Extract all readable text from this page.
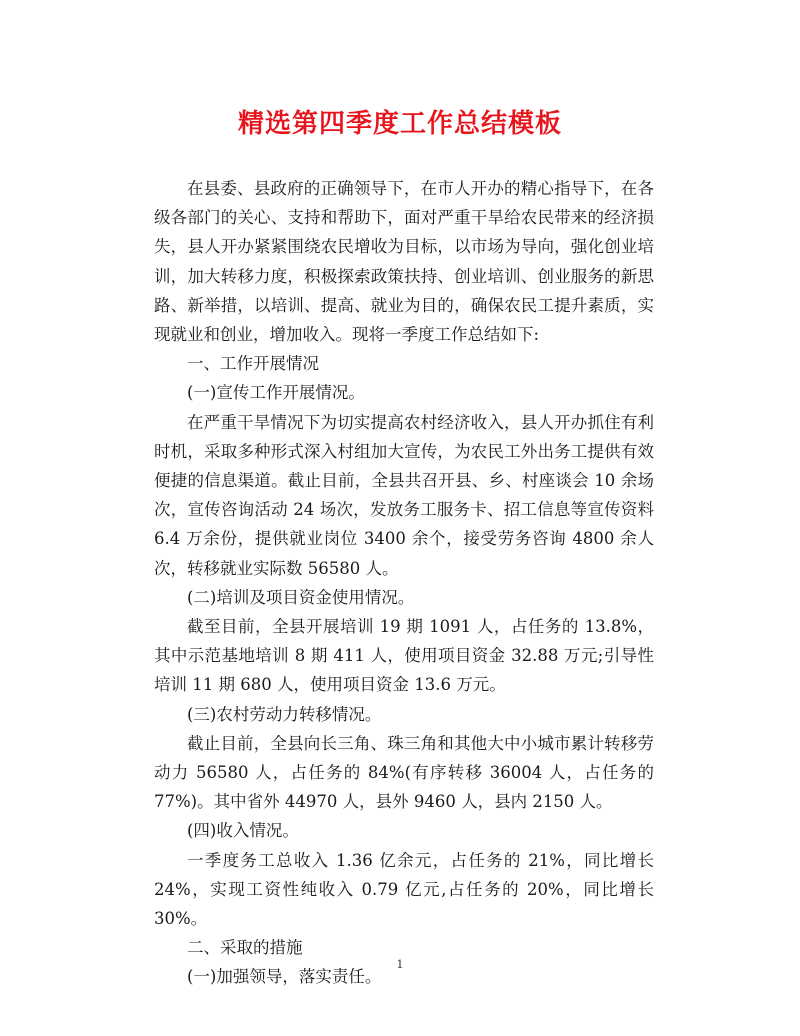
精选第四季度工作总结模板

在县委、县政府的正确领导下，在市人开办的精心指导下，在各级各部门的关心、支持和帮助下，面对严重干旱给农民带来的经济损失，县人开办紧紧围绕农民增收为目标，以市场为导向，强化创业培训，加大转移力度，积极探索政策扶持、创业培训、创业服务的新思路、新举措，以培训、提高、就业为目的，确保农民工提升素质，实现就业和创业，增加收入。现将一季度工作总结如下:

一、工作开展情况

(一)宣传工作开展情况。

在严重干旱情况下为切实提高农村经济收入，县人开办抓住有利时机，采取多种形式深入村组加大宣传，为农民工外出务工提供有效便捷的信息渠道。截止目前，全县共召开县、乡、村座谈会 10 余场次，宣传咨询活动 24 场次，发放务工服务卡、招工信息等宣传资料 6.4 万余份，提供就业岗位 3400 余个，接受劳务咨询 4800 余人次，转移就业实际数 56580 人。

(二)培训及项目资金使用情况。

截至目前，全县开展培训 19 期 1091 人，占任务的 13.8%，其中示范基地培训 8 期 411 人，使用项目资金 32.88 万元;引导性培训 11 期 680 人，使用项目资金 13.6 万元。

(三)农村劳动力转移情况。

截止目前，全县向长三角、珠三角和其他大中小城市累计转移劳动力 56580 人，占任务的 84%(有序转移 36004 人，占任务的 77%)。其中省外 44970 人，县外 9460 人，县内 2150 人。

(四)收入情况。

一季度务工总收入 1.36 亿余元，占任务的 21%，同比增长 24%，实现工资性纯收入 0.79 亿元,占任务的 20%，同比增长 30%。

二、采取的措施

(一)加强领导，落实责任。

1
